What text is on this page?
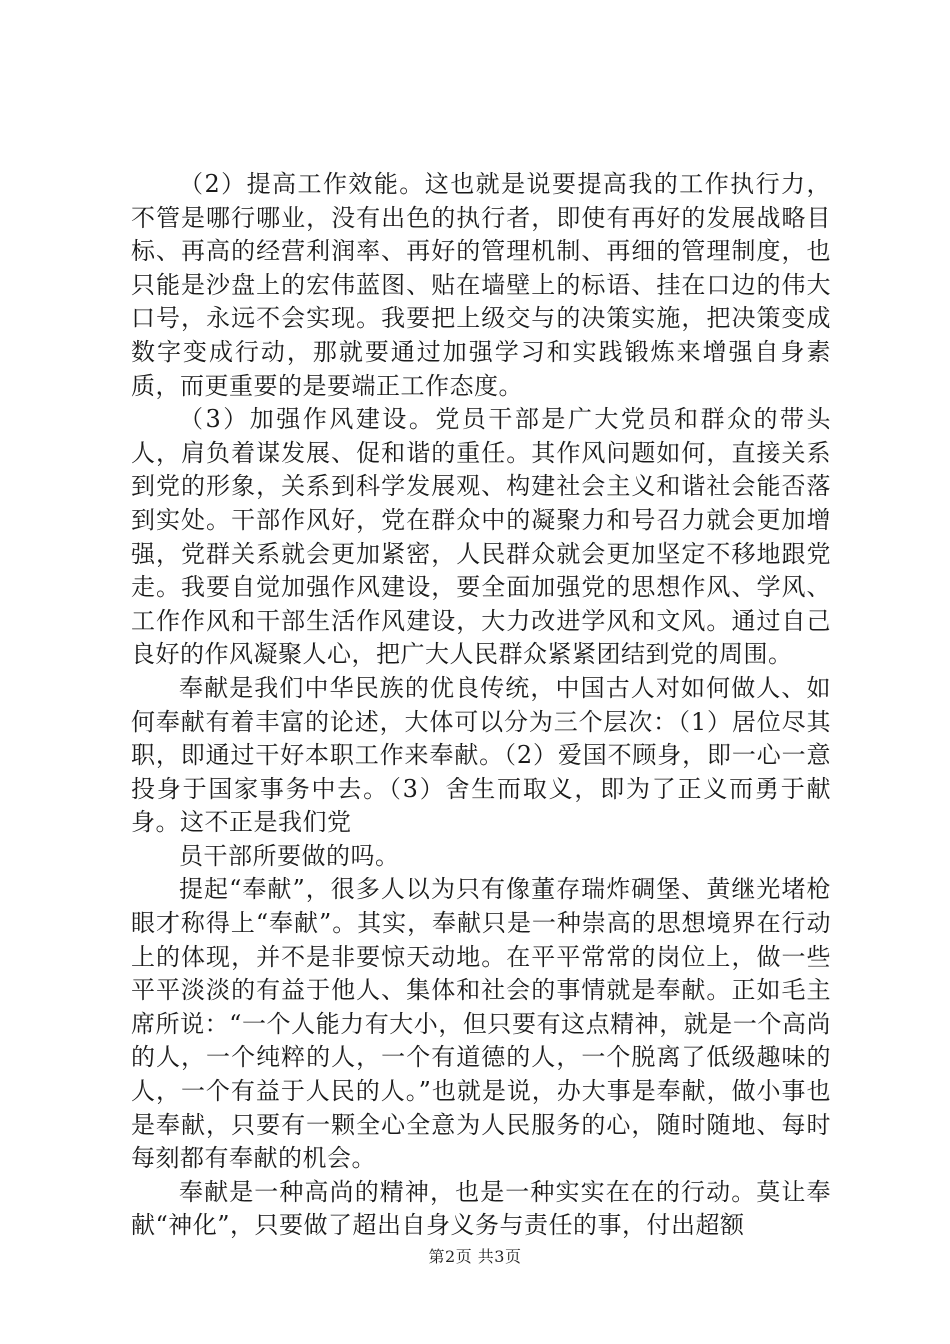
（2）提高工作效能。这也就是说要提高我的工作执行力，不管是哪行哪业，没有出色的执行者，即使有再好的发展战略目标、再高的经营利润率、再好的管理机制、再细的管理制度，也只能是沙盘上的宏伟蓝图、贴在墙壁上的标语、挂在口边的伟大口号，永远不会实现。我要把上级交与的决策实施，把决策变成数字变成行动，那就要通过加强学习和实践锻炼来增强自身素质，而更重要的是要端正工作态度。

（3）加强作风建设。党员干部是广大党员和群众的带头人，肩负着谋发展、促和谐的重任。其作风问题如何，直接关系到党的形象，关系到科学发展观、构建社会主义和谐社会能否落到实处。干部作风好，党在群众中的凝聚力和号召力就会更加增强，党群关系就会更加紧密，人民群众就会更加坚定不移地跟党走。我要自觉加强作风建设，要全面加强党的思想作风、学风、工作作风和干部生活作风建设，大力改进学风和文风。通过自己良好的作风凝聚人心，把广大人民群众紧紧团结到党的周围。

奉献是我们中华民族的优良传统，中国古人对如何做人、如何奉献有着丰富的论述，大体可以分为三个层次：（1）居位尽其职，即通过干好本职工作来奉献。（2）爱国不顾身，即一心一意投身于国家事务中去。（3）舍生而取义，即为了正义而勇于献身。这不正是我们党

员干部所要做的吗。

提起“奉献”，很多人以为只有像董存瑞炸碉堡、黄继光堵枪眼才称得上“奉献”。其实，奉献只是一种崇高的思想境界在行动上的体现，并不是非要惊天动地。在平平常常的岗位上，做一些平平淡淡的有益于他人、集体和社会的事情就是奉献。正如毛主席所说：“一个人能力有大小，但只要有这点精神，就是一个高尚的人，一个纯粹的人，一个有道德的人，一个脱离了低级趣味的人，一个有益于人民的人。”也就是说，办大事是奉献，做小事也是奉献，只要有一颗全心全意为人民服务的心，随时随地、每时每刻都有奉献的机会。

奉献是一种高尚的精神，也是一种实实在在的行动。莫让奉献“神化”，只要做了超出自身义务与责任的事，付出超额

第2页 共3页
